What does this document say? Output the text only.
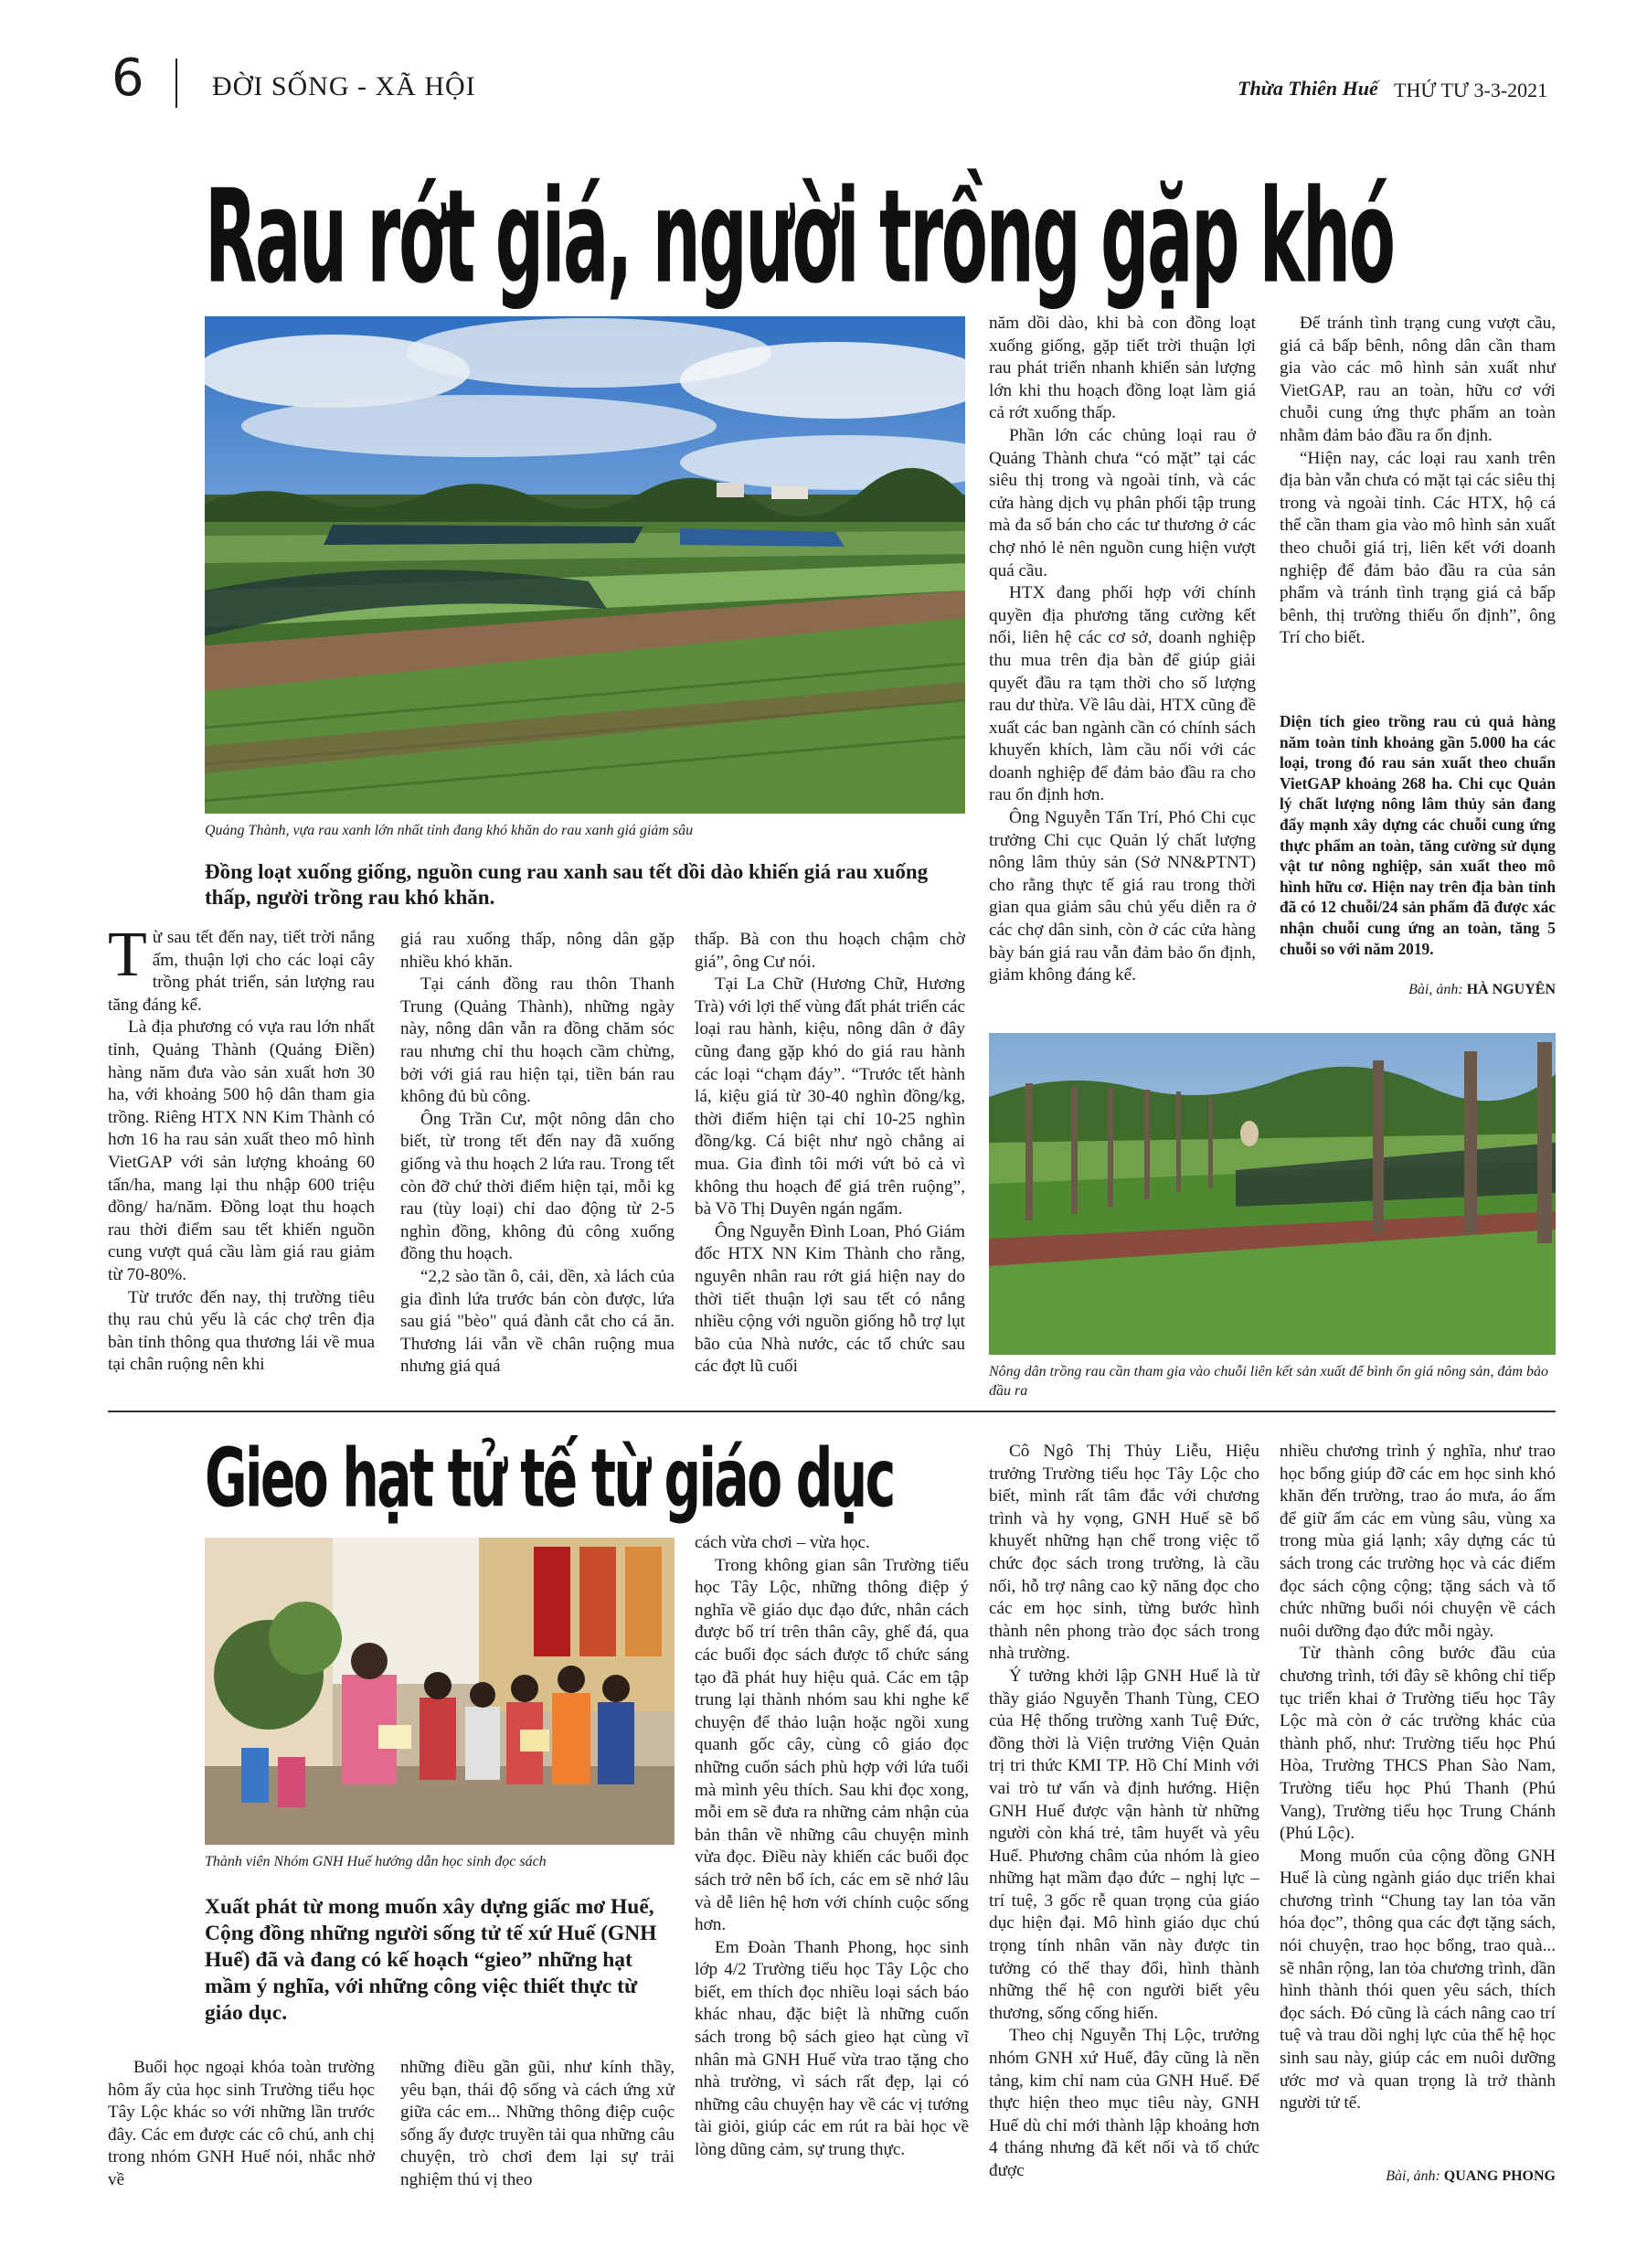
6 ĐỜI SỐNG - XÃ HỘI	Thừa Thiên Huế THỨ TƯ 3-3-2021
Rau rớt giá, người trồng gặp khó
Quảng Thành, vựa rau xanh lớn nhất tỉnh đang khó khăn do rau xanh giá giảm sâu
Đồng loạt xuống giống, nguồn cung rau xanh sau tết dồi dào khiến giá rau xuống thấp, người trồng rau khó khăn.
T ừ sau tết đến nay, tiết trời nắng ấm, thuận lợi cho các loại cây trồng phát triển, sản lượng rau tăng đáng kể.

Là địa phương có vựa rau lớn nhất tỉnh, Quảng Thành (Quảng Điền) hàng năm đưa vào sản xuất hơn 30 ha, với khoảng 500 hộ dân tham gia trồng. Riêng HTX NN Kim Thành có hơn 16 ha rau sản xuất theo mô hình VietGAP với sản lượng khoảng 60 tấn/ha, mang lại thu nhập 600 triệu đồng/ ha/năm. Đồng loạt thu hoạch rau thời điểm sau tết khiến nguồn cung vượt quá cầu làm giá rau giảm từ 70-80%.

Từ trước đến nay, thị trường tiêu thụ rau chủ yếu là các chợ trên địa bàn tỉnh thông qua thương lái về mua tại chân ruộng nên khi

giá rau xuống thấp, nông dân gặp nhiều khó khăn.

Tại cánh đồng rau thôn Thanh Trung (Quảng Thành), những ngày này, nông dân vẫn ra đồng chăm sóc rau nhưng chỉ thu hoạch cầm chừng, bởi với giá rau hiện tại, tiền bán rau không đủ bù công.

Ông Trần Cư, một nông dân cho biết, từ trong tết đến nay đã xuống giống và thu hoạch 2 lứa rau. Trong tết còn đỡ chứ thời điểm hiện tại, mỗi kg rau (tùy loại) chỉ dao động từ 2-5 nghìn đồng, không đủ công xuống đồng thu hoạch.

“2,2 sào tần ô, cải, dền, xà lách của gia đình lứa trước bán còn được, lứa sau giá "bèo" quá đành cắt cho cá ăn. Thương lái vẫn về chân ruộng mua nhưng giá quá

thấp. Bà con thu hoạch chậm chờ giá”, ông Cư nói.

Tại La Chữ (Hương Chữ, Hương Trà) với lợi thế vùng đất phát triển các loại rau hành, kiệu, nông dân ở đây cũng đang gặp khó do giá rau hành các loại “chạm đáy”. “Trước tết hành lá, kiệu giá từ 30-40 nghìn đồng/kg, thời điểm hiện tại chỉ 10-25 nghìn đồng/kg. Cá biệt như ngò chẳng ai mua. Gia đình tôi mới vứt bỏ cả vì không thu hoạch để giá trên ruộng”, bà Võ Thị Duyên ngán ngẩm.

Ông Nguyễn Đình Loan, Phó Giám đốc HTX NN Kim Thành cho rằng, nguyên nhân rau rớt giá hiện nay do thời tiết thuận lợi sau tết có nắng nhiều cộng với nguồn giống hỗ trợ lụt bão của Nhà nước, các tổ chức sau các đợt lũ cuối

năm dồi dào, khi bà con đồng loạt xuống giống, gặp tiết trời thuận lợi rau phát triển nhanh khiến sản lượng lớn khi thu hoạch đồng loạt làm giá cả rớt xuống thấp.

Phần lớn các chủng loại rau ở Quảng Thành chưa “có mặt” tại các siêu thị trong và ngoài tỉnh, và các cửa hàng dịch vụ phân phối tập trung mà đa số bán cho các tư thương ở các chợ nhỏ lẻ nên nguồn cung hiện vượt quá cầu.

HTX đang phối hợp với chính quyền địa phương tăng cường kết nối, liên hệ các cơ sở, doanh nghiệp thu mua trên địa bàn để giúp giải quyết đầu ra tạm thời cho số lượng rau dư thừa. Về lâu dài, HTX cũng đề xuất các ban ngành cần có chính sách khuyến khích, làm cầu nối với các doanh nghiệp để đảm bảo đầu ra cho rau ổn định hơn.

Ông Nguyễn Tấn Trí, Phó Chi cục trưởng Chi cục Quản lý chất lượng nông lâm thủy sản (Sở NN&PTNT) cho rằng thực tế giá rau trong thời gian qua giảm sâu chủ yếu diễn ra ở các chợ dân sinh, còn ở các cửa hàng bày bán giá rau vẫn đảm bảo ổn định, giảm không đáng kể.

Để tránh tình trạng cung vượt cầu, giá cả bấp bênh, nông dân cần tham gia vào các mô hình sản xuất như VietGAP, rau an toàn, hữu cơ với chuỗi cung ứng thực phẩm an toàn nhằm đảm bảo đầu ra ổn định.

“Hiện nay, các loại rau xanh trên địa bàn vẫn chưa có mặt tại các siêu thị trong và ngoài tỉnh. Các HTX, hộ cá thể cần tham gia vào mô hình sản xuất theo chuỗi giá trị, liên kết với doanh nghiệp để đảm bảo đầu ra của sản phẩm và tránh tình trạng giá cả bấp bênh, thị trường thiếu ổn định”, ông Trí cho biết.

Diện tích gieo trồng rau củ quả hàng năm toàn tỉnh khoảng gần 5.000 ha các loại, trong đó rau sản xuất theo chuẩn VietGAP khoảng 268 ha. Chi cục Quản lý chất lượng nông lâm thủy sản đang đẩy mạnh xây dựng các chuỗi cung ứng thực phẩm an toàn, tăng cường sử dụng vật tư nông nghiệp, sản xuất theo mô hình hữu cơ. Hiện nay trên địa bàn tỉnh đã có 12 chuỗi/24 sản phẩm đã được xác nhận chuỗi cung ứng an toàn, tăng 5 chuỗi so với năm 2019.
Bài, ảnh: HÀ NGUYÊN
Nông dân trồng rau cần tham gia vào chuỗi liên kết sản xuất để bình ổn giá nông sản, đảm bảo đầu ra
Gieo hạt tử tế từ giáo dục
Thành viên Nhóm GNH Huế hướng dẫn học sinh đọc sách
Xuất phát từ mong muốn xây dựng giấc mơ Huế, Cộng đồng những người sống tử tế xứ Huế (GNH Huế) đã và đang có kế hoạch “gieo” những hạt mầm ý nghĩa, với những công việc thiết thực từ giáo dục.

Buổi học ngoại khóa toàn trường hôm ấy của học sinh Trường tiểu học Tây Lộc khác so với những lần trước đây. Các em được các cô chú, anh chị trong nhóm GNH Huế nói, nhắc nhở về

những điều gần gũi, như kính thầy, yêu bạn, thái độ sống và cách ứng xử giữa các em... Những thông điệp cuộc sống ấy được truyền tải qua những câu chuyện, trò chơi đem lại sự trải nghiệm thú vị theo

cách vừa chơi – vừa học.

Trong không gian sân Trường tiểu học Tây Lộc, những thông điệp ý nghĩa về giáo dục đạo đức, nhân cách được bố trí trên thân cây, ghế đá, qua các buổi đọc sách được tổ chức sáng tạo đã phát huy hiệu quả. Các em tập trung lại thành nhóm sau khi nghe kể chuyện để thảo luận hoặc ngồi xung quanh gốc cây, cùng cô giáo đọc những cuốn sách phù hợp với lứa tuổi mà mình yêu thích. Sau khi đọc xong, mỗi em sẽ đưa ra những cảm nhận của bản thân về những câu chuyện mình vừa đọc. Điều này khiến các buổi đọc sách trở nên bổ ích, các em sẽ nhớ lâu và dễ liên hệ hơn với chính cuộc sống hơn.

Em Đoàn Thanh Phong, học sinh lớp 4/2 Trường tiểu học Tây Lộc cho biết, em thích đọc nhiều loại sách báo khác nhau, đặc biệt là những cuốn sách trong bộ sách gieo hạt cùng vĩ nhân mà GNH Huế vừa trao tặng cho nhà trường, vì sách rất đẹp, lại có những câu chuyện hay về các vị tướng tài giỏi, giúp các em rút ra bài học về lòng dũng cảm, sự trung thực.

Cô Ngô Thị Thủy Liễu, Hiệu trưởng Trường tiểu học Tây Lộc cho biết, mình rất tâm đắc với chương trình và hy vọng, GNH Huế sẽ bổ khuyết những hạn chế trong việc tổ chức đọc sách trong trường, là cầu nối, hỗ trợ nâng cao kỹ năng đọc cho các em học sinh, từng bước hình thành nên phong trào đọc sách trong nhà trường.

Ý tưởng khởi lập GNH Huế là từ thầy giáo Nguyễn Thanh Tùng, CEO của Hệ thống trường xanh Tuệ Đức, đồng thời là Viện trưởng Viện Quản trị tri thức KMI TP. Hồ Chí Minh với vai trò tư vấn và định hướng. Hiện GNH Huế được vận hành từ những người còn khá trẻ, tâm huyết và yêu Huế. Phương châm của nhóm là gieo những hạt mầm đạo đức – nghị lực – trí tuệ, 3 gốc rễ quan trọng của giáo dục hiện đại. Mô hình giáo dục chú trọng tính nhân văn này được tin tưởng có thể thay đổi, hình thành những thế hệ con người biết yêu thương, sống cống hiến.

Theo chị Nguyễn Thị Lộc, trưởng nhóm GNH xứ Huế, đây cũng là nền tảng, kim chỉ nam của GNH Huế. Để thực hiện theo mục tiêu này, GNH Huế dù chỉ mới thành lập khoảng hơn 4 tháng nhưng đã kết nối và tổ chức được

nhiều chương trình ý nghĩa, như trao học bổng giúp đỡ các em học sinh khó khăn đến trường, trao áo mưa, áo ấm để giữ ấm các em vùng sâu, vùng xa trong mùa giá lạnh; xây dựng các tủ sách trong các trường học và các điểm đọc sách cộng cộng; tặng sách và tổ chức những buổi nói chuyện về cách nuôi dưỡng đạo đức mỗi ngày.

Từ thành công bước đầu của chương trình, tới đây sẽ không chỉ tiếp tục triển khai ở Trường tiểu học Tây Lộc mà còn ở các trường khác của thành phố, như: Trường tiểu học Phú Hòa, Trường THCS Phan Sào Nam, Trường tiểu học Phú Thanh (Phú Vang), Trường tiểu học Trung Chánh (Phú Lộc).

Mong muốn của cộng đồng GNH Huế là cùng ngành giáo dục triển khai chương trình “Chung tay lan tỏa văn hóa đọc”, thông qua các đợt tặng sách, nói chuyện, trao học bổng, trao quà... sẽ nhân rộng, lan tỏa chương trình, dần hình thành thói quen yêu sách, thích đọc sách. Đó cũng là cách nâng cao trí tuệ và trau dồi nghị lực của thế hệ học sinh sau này, giúp các em nuôi dưỡng ước mơ và quan trọng là trở thành người tử tế.

Bài, ảnh: QUANG PHONG
